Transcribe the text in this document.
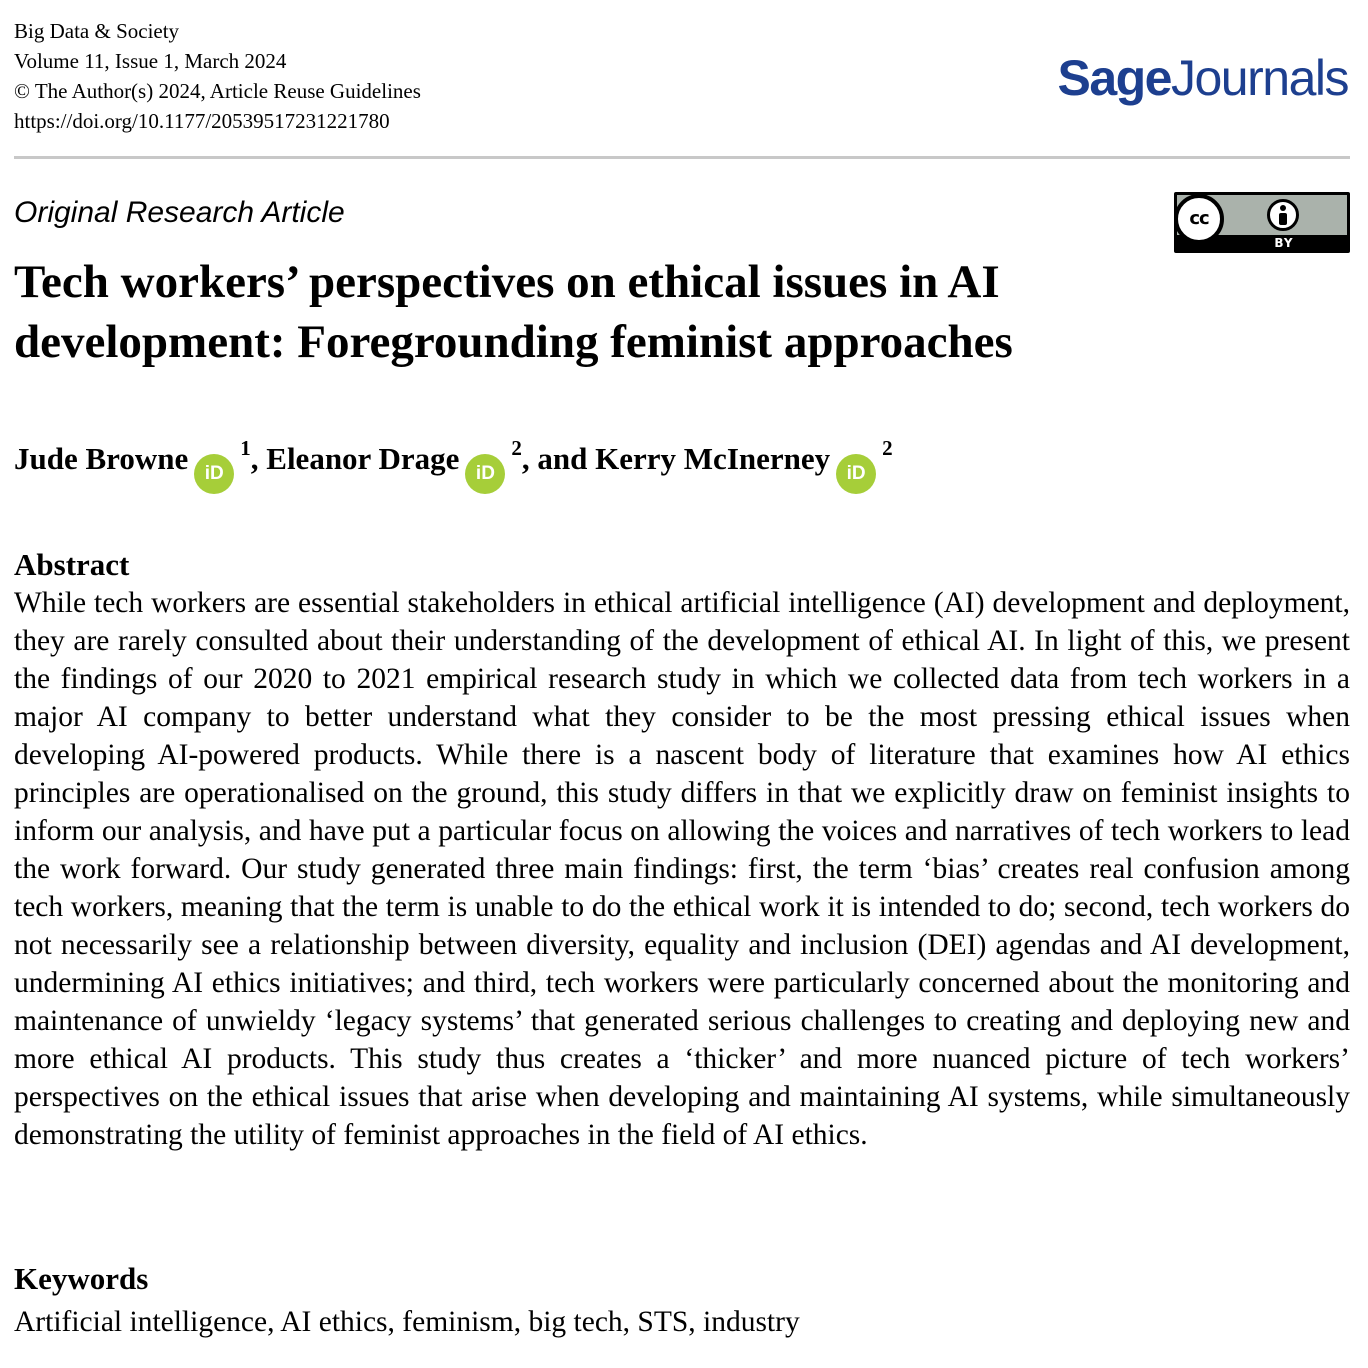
Big Data & Society
Volume 11, Issue 1, March 2024
© The Author(s) 2024, Article Reuse Guidelines
https://doi.org/10.1177/20539517231221780
SageJournals
Original Research Article	cc
BY
Tech workers’ perspectives on ethical issues in AI development: Foregrounding feminist approaches
Jude Browne $iD^1$, Eleanor Drage $iD^2$, and Kerry McInerney $iD^2$
Abstract
While tech workers are essential stakeholders in ethical artificial intelligence (AI) development and deployment, they are rarely consulted about their understanding of the development of ethical AI. In light of this, we present the findings of our 2020 to 2021 empirical research study in which we collected data from tech workers in a major AI company to better understand what they consider to be the most pressing ethical issues when developing AI-powered products. While there is a nascent body of literature that examines how AI ethics principles are operationalised on the ground, this study differs in that we explicitly draw on feminist insights to inform our analysis, and have put a particular focus on allowing the voices and narratives of tech workers to lead the work forward. Our study generated three main findings: first, the term ‘bias’ creates real confusion among tech workers, meaning that the term is unable to do the ethical work it is intended to do; second, tech workers do not necessarily see a relationship between diversity, equality and inclusion (DEI) agendas and AI development, undermining AI ethics initiatives; and third, tech workers were particularly concerned about the monitoring and maintenance of unwieldy ‘legacy systems’ that generated serious challenges to creating and deploying new and more ethical AI products. This study thus creates a ‘thicker’ and more nuanced picture of tech workers’ perspectives on the ethical issues that arise when developing and maintaining AI systems, while simultaneously demonstrating the utility of feminist approaches in the field of AI ethics.
Keywords
Artificial intelligence, AI ethics, feminism, big tech, STS, industry
